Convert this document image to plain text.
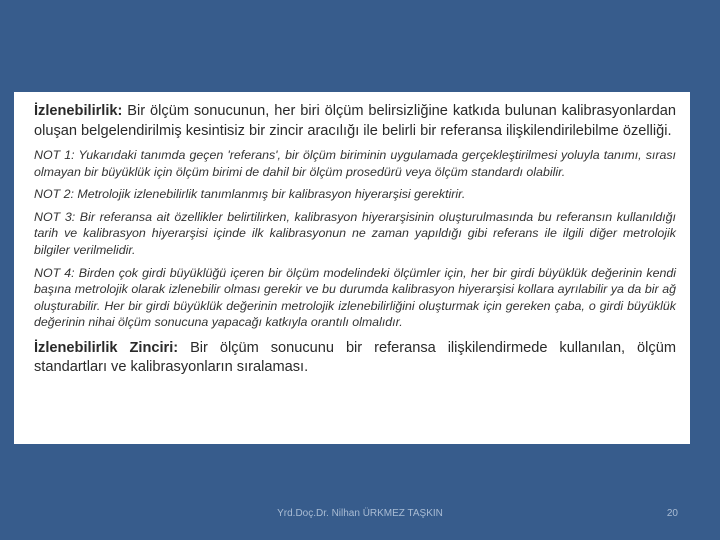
İzlenebilirlik: Bir ölçüm sonucunun, her biri ölçüm belirsizliğine katkıda bulunan kalibrasyonlardan oluşan belgelendirilmiş kesintisiz bir zincir aracılığı ile belirli bir referansa ilişkilendirilebilme özelliği.

NOT 1: Yukarıdaki tanımda geçen 'referans', bir ölçüm biriminin uygulamada gerçekleştirilmesi yoluyla tanımı, sırası olmayan bir büyüklük için ölçüm birimi de dahil bir ölçüm prosedürü veya ölçüm standardı olabilir.

NOT 2: Metrolojik izlenebilirlik tanımlanmış bir kalibrasyon hiyerarşisi gerektirir.

NOT 3: Bir referansa ait özellikler belirtilirken, kalibrasyon hiyerarşisinin oluşturulmasında bu referansın kullanıldığı tarih ve kalibrasyon hiyerarşisi içinde ilk kalibrasyonun ne zaman yapıldığı gibi referans ile ilgili diğer metrolojik bilgiler verilmelidir.

NOT 4: Birden çok girdi büyüklüğü içeren bir ölçüm modelindeki ölçümler için, her bir girdi büyüklük değerinin kendi başına metrolojik olarak izlenebilir olması gerekir ve bu durumda kalibrasyon hiyerarşisi kollara ayrılabilir ya da bir ağ oluşturabilir. Her bir girdi büyüklük değerinin metrolojik izlenebilirliğini oluşturmak için gereken çaba, o girdi büyüklük değerinin nihai ölçüm sonucuna yapacağı katkıyla orantılı olmalıdır.

İzlenebilirlik Zinciri: Bir ölçüm sonucunu bir referansa ilişkilendirmede kullanılan, ölçüm standartları ve kalibrasyonların sıralaması.

Yrd.Doç.Dr. Nilhan ÜRKMEZ TAŞKIN	20
